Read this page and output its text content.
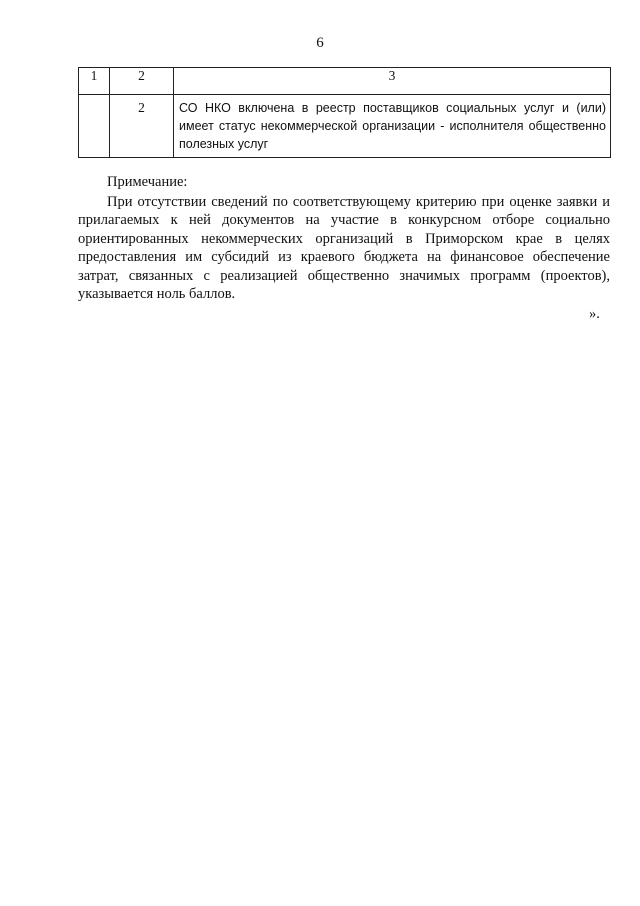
6
1	2	3
	2	СО НКО включена в реестр поставщиков социальных услуг и (или) имеет статус некоммерческой организации - исполнителя общественно полезных услуг
Примечание:

При отсутствии сведений по соответствующему критерию при оценке заявки и прилагаемых к ней документов на участие в конкурсном отборе социально ориентированных некоммерческих организаций в Приморском крае в целях предоставления им субсидий из краевого бюджета на финансовое обеспечение затрат, связанных с реализацией общественно значимых программ (проектов), указывается ноль баллов.

».
